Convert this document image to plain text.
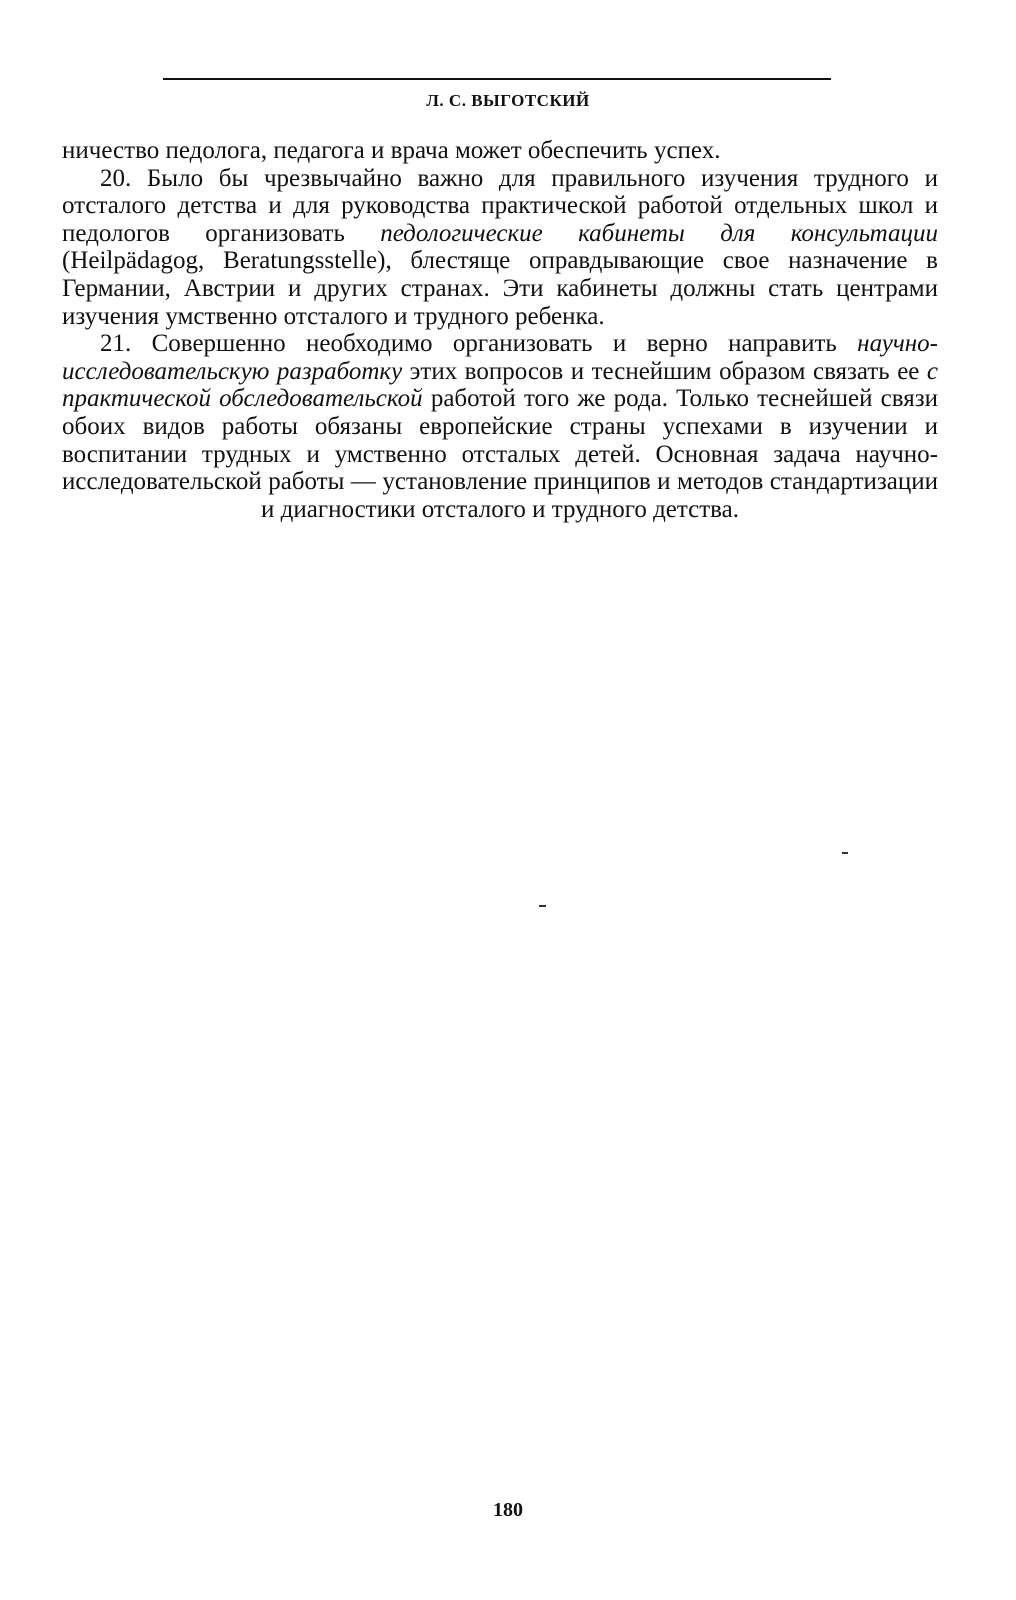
Л. С. ВЫГОТСКИЙ

ничество педолога, педагога и врача может обеспечить успех.

20. Было бы чрезвычайно важно для правильного изучения трудного и отсталого детства и для руководства практической работой отдельных школ и педологов организовать педологические кабинеты для консультации (Heilpädagog, Beratungsstelle), блестяще оправдывающие свое назначение в Германии, Австрии и других странах. Эти кабинеты должны стать центрами изучения умственно отсталого и трудного ребенка.

21. Совершенно необходимо организовать и верно направить научно-исследовательскую разработку этих вопросов и теснейшим образом связать ее с практической обследовательской работой того же рода. Только теснейшей связи обоих видов работы обязаны европейские страны успехами в изучении и воспитании трудных и умственно отсталых детей. Основная задача научно-исследовательской работы — установление принципов и методов стандартизации и диагностики отсталого и трудного детства.

180
